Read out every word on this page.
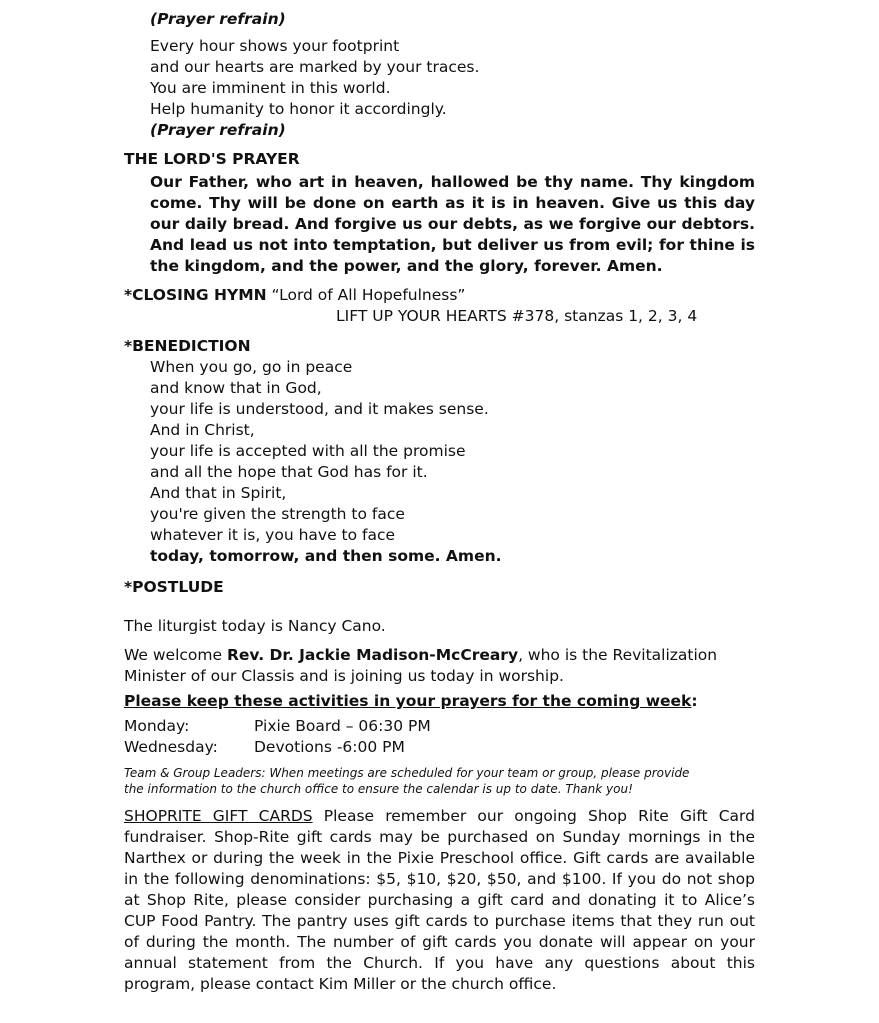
(Prayer refrain)
Every hour shows your footprint
and our hearts are marked by your traces.
You are imminent in this world.
Help humanity to honor it accordingly.
(Prayer refrain)
THE LORD'S PRAYER
Our Father, who art in heaven, hallowed be thy name. Thy kingdom come. Thy will be done on earth as it is in heaven. Give us this day our daily bread. And forgive us our debts, as we forgive our debtors. And lead us not into temptation, but deliver us from evil; for thine is the kingdom, and the power, and the glory, forever. Amen.
*CLOSING HYMN “Lord of All Hopefulness”
LIFT UP YOUR HEARTS #378, stanzas 1, 2, 3, 4
*BENEDICTION
When you go, go in peace
and know that in God,
your life is understood, and it makes sense.
And in Christ,
your life is accepted with all the promise
and all the hope that God has for it.
And that in Spirit,
you're given the strength to face
whatever it is, you have to face
today, tomorrow, and then some. Amen.
*POSTLUDE
The liturgist today is Nancy Cano.
We welcome Rev. Dr. Jackie Madison-McCreary, who is the Revitalization
Minister of our Classis and is joining us today in worship.
Please keep these activities in your prayers for the coming week:
Monday:	Pixie Board – 06:30 PM
Wednesday: Devotions -6:00 PM
Team & Group Leaders: When meetings are scheduled for your team or group, please provide
the information to the church office to ensure the calendar is up to date. Thank you!
SHOPRITE GIFT CARDS Please remember our ongoing Shop Rite Gift Card fundraiser. Shop-Rite gift cards may be purchased on Sunday mornings in the Narthex or during the week in the Pixie Preschool office. Gift cards are available in the following denominations: $5, $10, $20, $50, and $100. If you do not shop at Shop Rite, please consider purchasing a gift card and donating it to Alice’s CUP Food Pantry. The pantry uses gift cards to purchase items that they run out of during the month. The number of gift cards you donate will appear on your annual statement from the Church. If you have any questions about this program, please contact Kim Miller or the church office.
